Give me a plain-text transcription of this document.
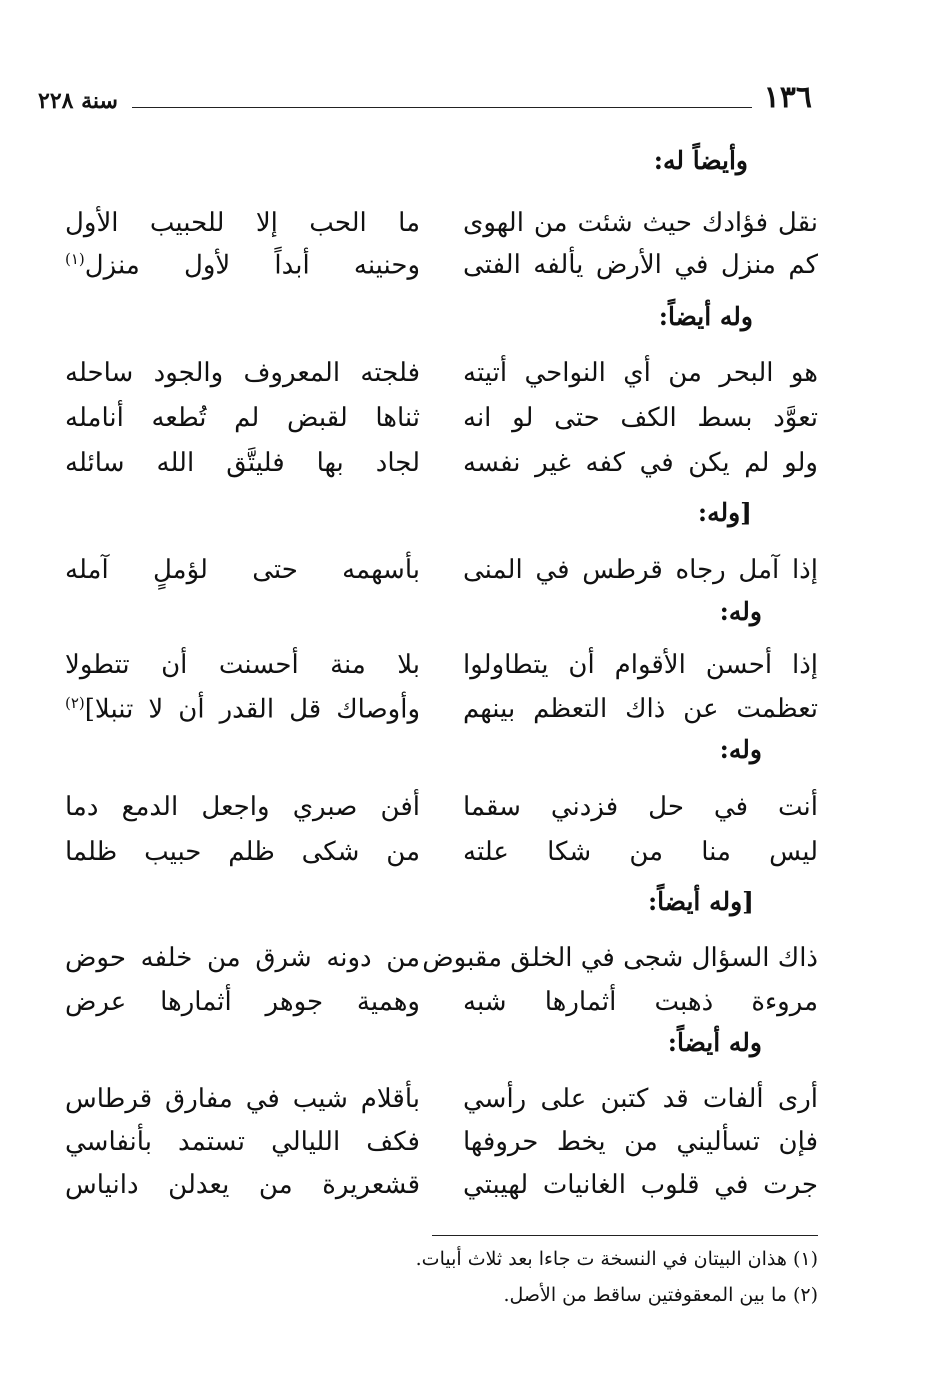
١٣٦
سنة ٢٢٨
وأيضاً له:
نقل فؤادك حيث شئت من الهوى
ما الحب إلا للحبيب الأول
كم منزل في الأرض يألفه الفتى
وحنينه أبداً لأول منزل$^{(١)}$
وله أيضاً:
هو البحر من أي النواحي أتيته
فلجته المعروف والجود ساحله
تعوَّد بسط الكف حتى لو انه
ثناها لقبض لم تُطعه أنامله
ولو لم يكن في كفه غير نفسه
لجاد بها فليتَّق الله سائله
[وله:
إذا آمل رجاه قرطس في المنى
بأسهمه حتى لؤملٍ آمله
وله:
إذا أحسن الأقوام أن يتطاولوا
بلا منة أحسنت أن تتطولا
تعظمت عن ذاك التعظم بينهم
وأوصاك قل القدر أن لا تنبلا]$^{(٢)}$
وله:
أنت في حل فزدني سقما
أفن صبري واجعل الدمع دما
ليس منا من شكا علته
من شكى ظلم حبيب ظلما
[وله أيضاً:
ذاك السؤال شجى في الخلق مقبوض
من دونه شرق من خلفه حوض
مروءة ذهبت أثمارها شبه
وهمية جوهر أثمارها عرض
وله أيضاً:
أرى ألفات قد كتبن على رأسي
بأقلام شيب في مفارق قرطاس
فإن تسأليني من يخط حروفها
فكف الليالي تستمد بأنفاسي
جرت في قلوب الغانيات لهيبتي
قشعريرة من يعدلن دانياس
(١) هذان البيتان في النسخة ت جاءا بعد ثلاث أبيات.
(٢) ما بين المعقوفتين ساقط من الأصل.
